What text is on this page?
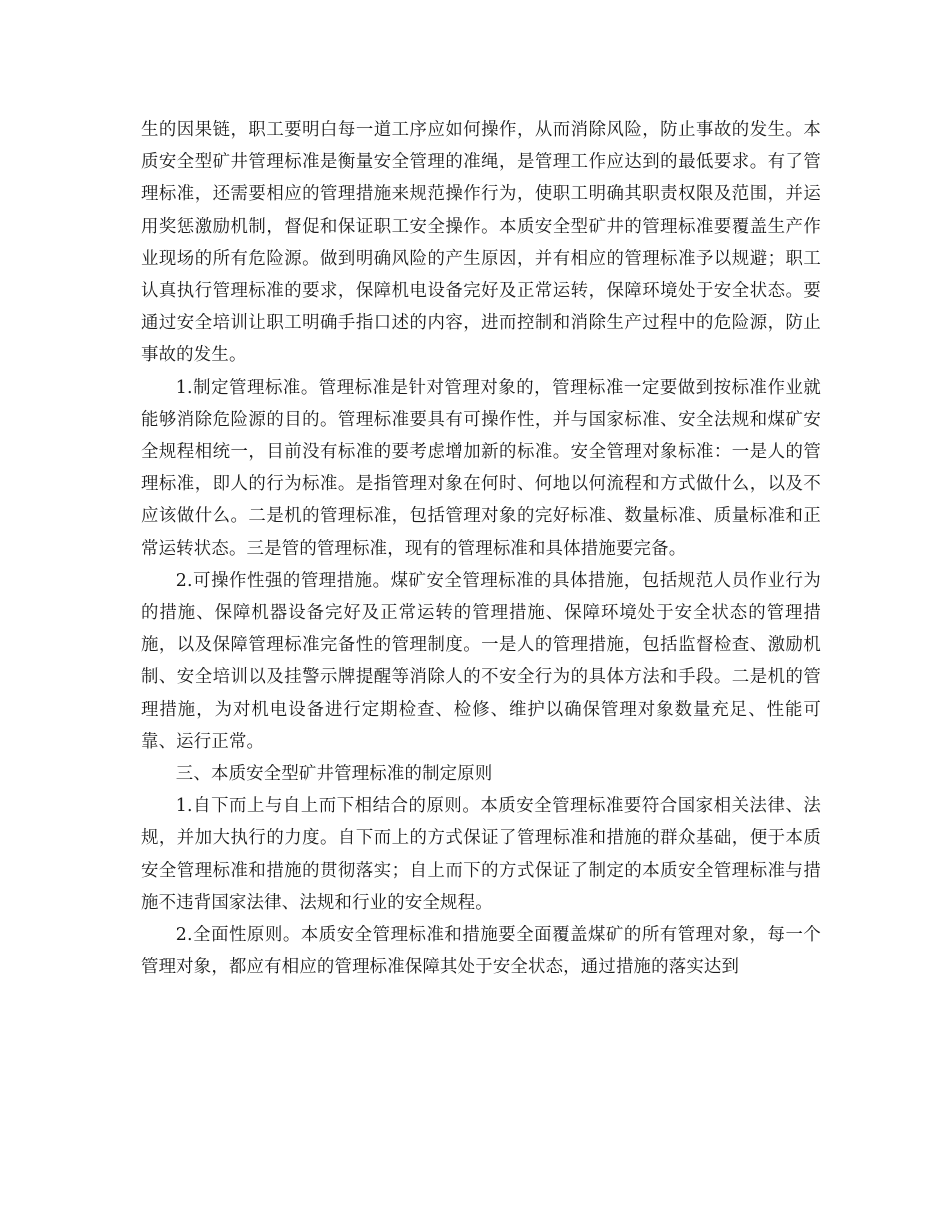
生的因果链，职工要明白每一道工序应如何操作，从而消除风险，防止事故的发生。本质安全型矿井管理标准是衡量安全管理的准绳，是管理工作应达到的最低要求。有了管理标准，还需要相应的管理措施来规范操作行为，使职工明确其职责权限及范围，并运用奖惩激励机制，督促和保证职工安全操作。本质安全型矿井的管理标准要覆盖生产作业现场的所有危险源。做到明确风险的产生原因，并有相应的管理标准予以规避；职工认真执行管理标准的要求，保障机电设备完好及正常运转，保障环境处于安全状态。要通过安全培训让职工明确手指口述的内容，进而控制和消除生产过程中的危险源，防止事故的发生。

1.制定管理标准。管理标准是针对管理对象的，管理标准一定要做到按标准作业就能够消除危险源的目的。管理标准要具有可操作性，并与国家标准、安全法规和煤矿安全规程相统一，目前没有标准的要考虑增加新的标准。安全管理对象标准：一是人的管理标准，即人的行为标准。是指管理对象在何时、何地以何流程和方式做什么，以及不应该做什么。二是机的管理标准，包括管理对象的完好标准、数量标准、质量标准和正常运转状态。三是管的管理标准，现有的管理标准和具体措施要完备。

2.可操作性强的管理措施。煤矿安全管理标准的具体措施，包括规范人员作业行为的措施、保障机器设备完好及正常运转的管理措施、保障环境处于安全状态的管理措施，以及保障管理标准完备性的管理制度。一是人的管理措施，包括监督检查、激励机制、安全培训以及挂警示牌提醒等消除人的不安全行为的具体方法和手段。二是机的管理措施，为对机电设备进行定期检查、检修、维护以确保管理对象数量充足、性能可靠、运行正常。

三、本质安全型矿井管理标准的制定原则

1.自下而上与自上而下相结合的原则。本质安全管理标准要符合国家相关法律、法规，并加大执行的力度。自下而上的方式保证了管理标准和措施的群众基础，便于本质安全管理标准和措施的贯彻落实；自上而下的方式保证了制定的本质安全管理标准与措施不违背国家法律、法规和行业的安全规程。

2.全面性原则。本质安全管理标准和措施要全面覆盖煤矿的所有管理对象，每一个管理对象，都应有相应的管理标准保障其处于安全状态，通过措施的落实达到
